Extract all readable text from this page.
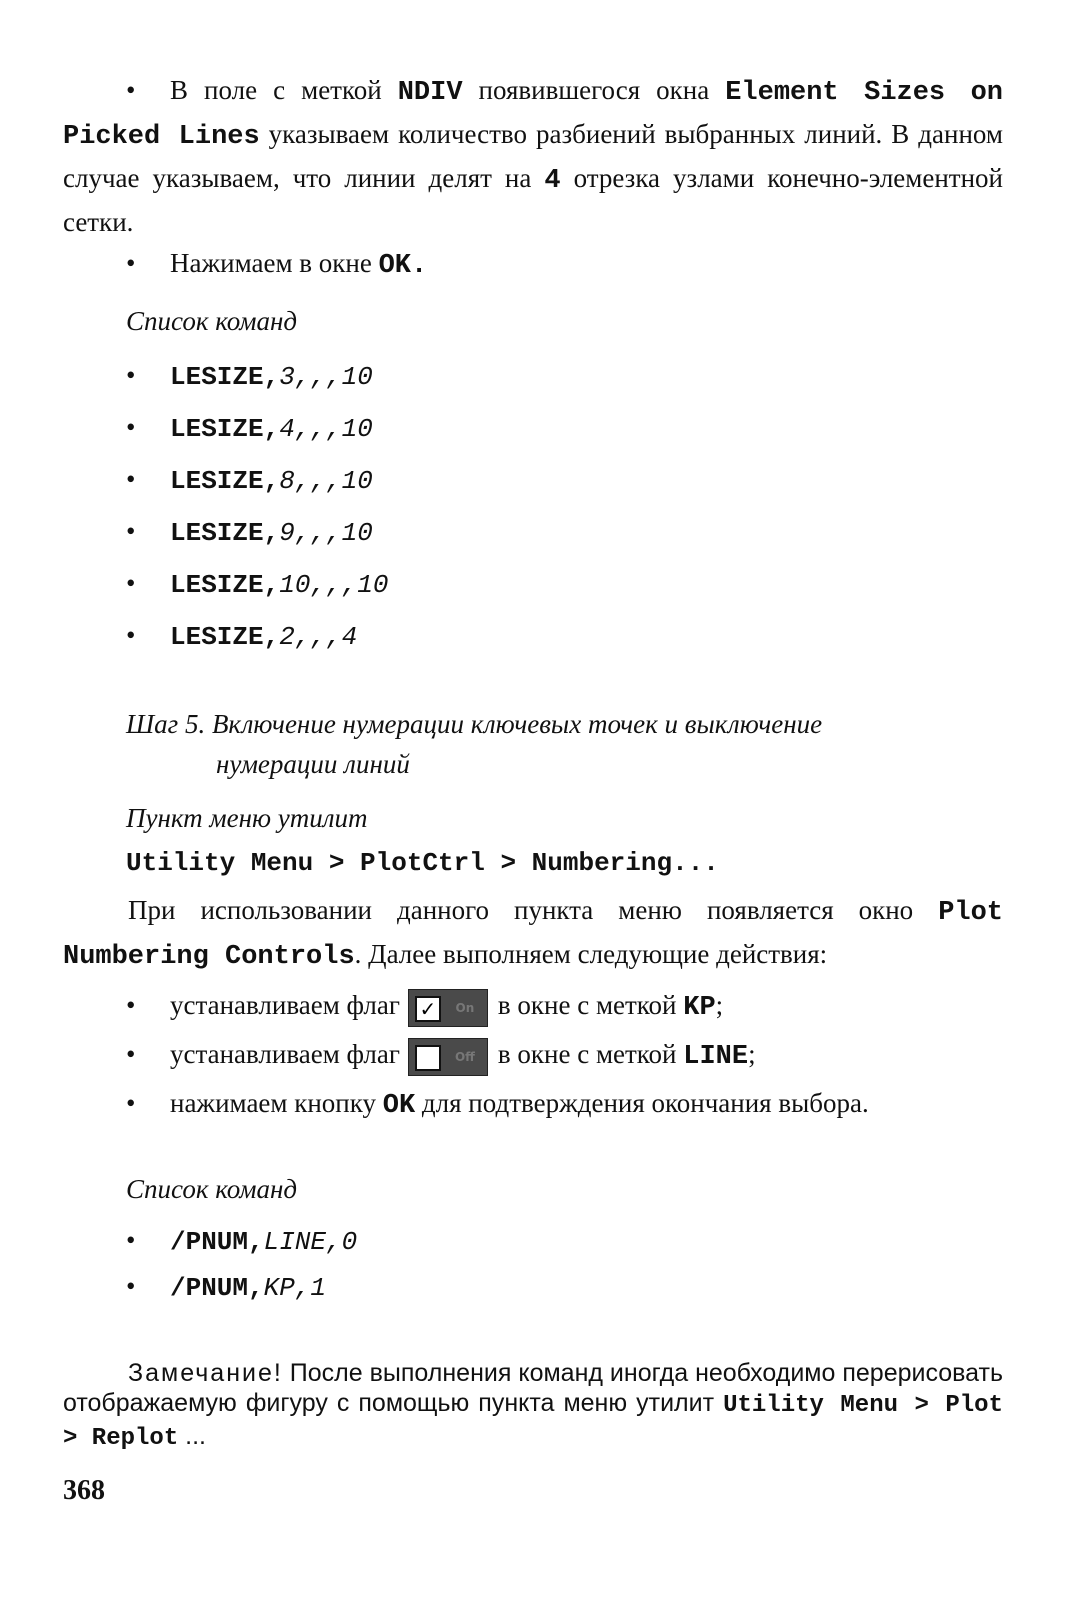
• В поле с меткой NDIV появившегося окна Element Sizes on Picked Lines указываем количество разбиений выбранных линий. В данном случае указываем, что линии делят на 4 отрезка узлами конечно-элементной сетки.
• Нажимаем в окне OK.
Список команд
• LESIZE,3,,,10
• LESIZE,4,,,10
• LESIZE,8,,,10
• LESIZE,9,,,10
• LESIZE,10,,,10
• LESIZE,2,,,4
Шаг 5. Включение нумерации ключевых точек и выключение
нумерации линий
Пункт меню утилит
Utility Menu > PlotCtrl > Numbering...
При использовании данного пункта меню появляется окно Plot Numbering Controls. Далее выполняем следующие действия:
• устанавливаем флаг ✓	On в окне с меткой KP;
• устанавливаем флаг	Off в окне с меткой LINE;
• нажимаем кнопку OK для подтверждения окончания выбора.
Список команд
• /PNUM,LINE,0
• /PNUM,KP,1
Замечание! После выполнения команд иногда необходимо перерисовать отображаемую фигуру с помощью пункта меню утилит Utility Menu > Plot > Replot ...
368
